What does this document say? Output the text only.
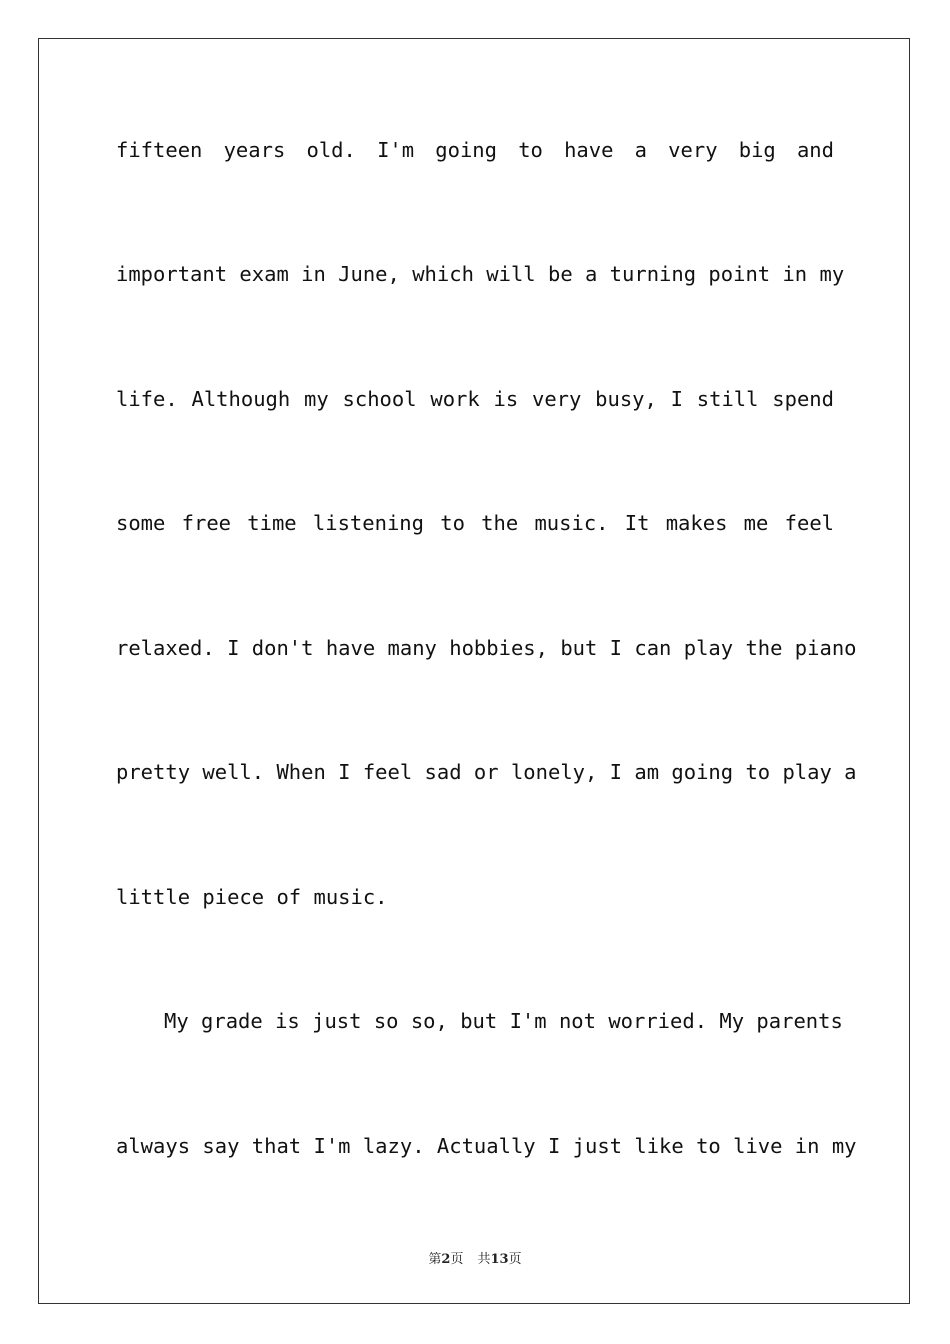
fifteen years old. I'm going to have a very big and
important exam in June, which will be a turning point in my
life. Although my school work is very busy, I still spend
some free time listening to the music. It makes me feel
relaxed. I don't have many hobbies, but I can play the piano
pretty well. When I feel sad or lonely, I am going to play a
little piece of music.
My grade is just so so, but I'm not worried. My parents
always say that I'm lazy. Actually I just like to live in my
第2页 共13页
